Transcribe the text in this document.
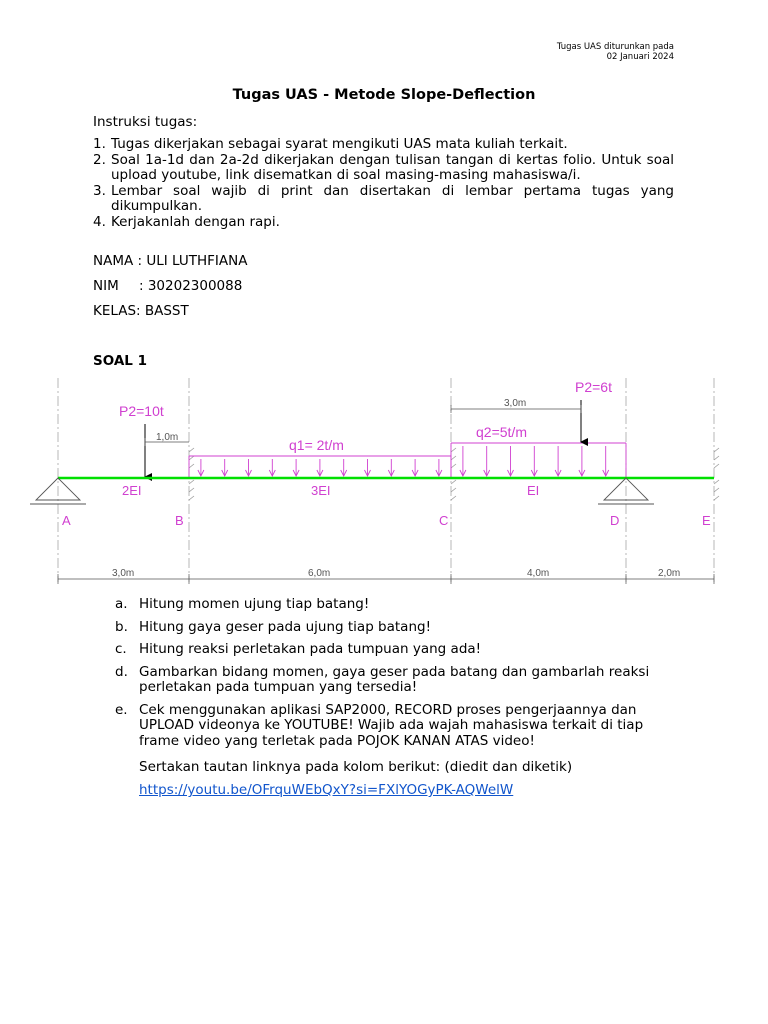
Tugas UAS diturunkan pada
02 Januari 2024
Tugas UAS - Metode Slope-Deflection
Instruksi tugas:
1. Tugas dikerjakan sebagai syarat mengikuti UAS mata kuliah terkait.
2. Soal 1a-1d dan 2a-2d dikerjakan dengan tulisan tangan di kertas folio. Untuk soal upload youtube, link disematkan di soal masing-masing mahasiswa/i.
3. Lembar soal wajib di print dan disertakan di lembar pertama tugas yang dikumpulkan.
4. Kerjakanlah dengan rapi.
NAMA : ULI LUTHFIANA
NIM : 30202300088
KELAS: BASST
SOAL 1
P2=10t
P2=6t
q1= 2t/m
q2=5t/m
1,0m
3,0m
2EI	3EI	EI
A	B	C	D	E
3,0m	6,0m	4,0m	2,0m
a. Hitung momen ujung tiap batang!
b. Hitung gaya geser pada ujung tiap batang!
c. Hitung reaksi perletakan pada tumpuan yang ada!
d. Gambarkan bidang momen, gaya geser pada batang dan gambarlah reaksi perletakan pada tumpuan yang tersedia!
e. Cek menggunakan aplikasi SAP2000, RECORD proses pengerjaannya dan UPLOAD videonya ke YOUTUBE! Wajib ada wajah mahasiswa terkait di tiap frame video yang terletak pada POJOK KANAN ATAS video!
Sertakan tautan linknya pada kolom berikut: (diedit dan diketik)
https://youtu.be/OFrquWEbQxY?si=FXlYOGyPK-AQWelW
